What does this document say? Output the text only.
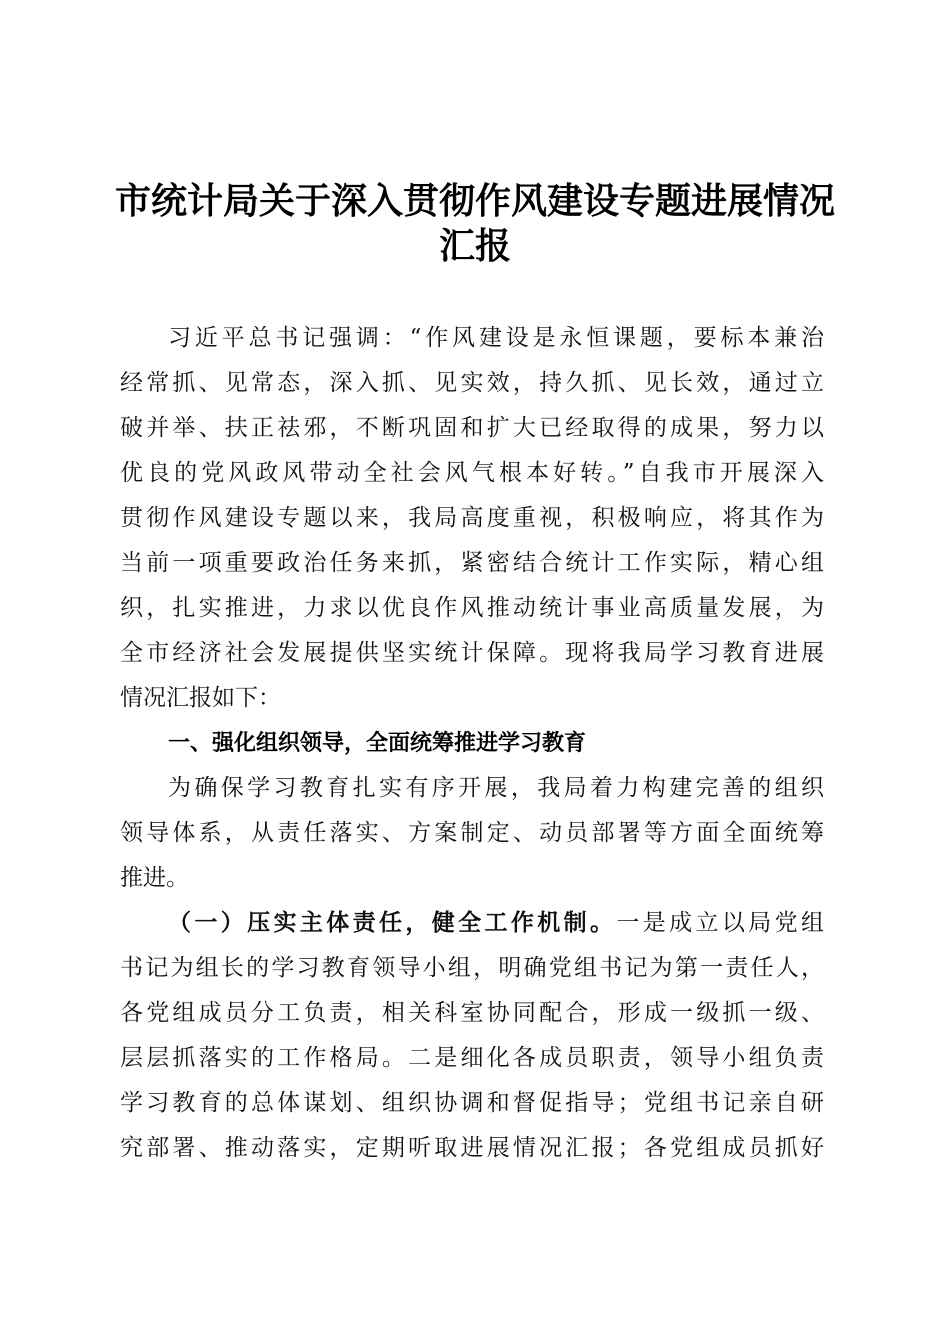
市统计局关于深入贯彻作风建设专题进展情况
汇报
习近平总书记强调：“作风建设是永恒课题，要标本兼治
经常抓、见常态，深入抓、见实效，持久抓、见长效，通过立
破并举、扶正祛邪，不断巩固和扩大已经取得的成果，努力以
优良的党风政风带动全社会风气根本好转。”自我市开展深入
贯彻作风建设专题以来，我局高度重视，积极响应，将其作为
当前一项重要政治任务来抓，紧密结合统计工作实际，精心组
织，扎实推进，力求以优良作风推动统计事业高质量发展，为
全市经济社会发展提供坚实统计保障。现将我局学习教育进展
情况汇报如下：
一、强化组织领导，全面统筹推进学习教育
为确保学习教育扎实有序开展，我局着力构建完善的组织
领导体系，从责任落实、方案制定、动员部署等方面全面统筹
推进。
（一）压实主体责任，健全工作机制。一是成立以局党组
书记为组长的学习教育领导小组，明确党组书记为第一责任人，
各党组成员分工负责，相关科室协同配合，形成一级抓一级、
层层抓落实的工作格局。二是细化各成员职责，领导小组负责
学习教育的总体谋划、组织协调和督促指导；党组书记亲自研
究部署、推动落实，定期听取进展情况汇报；各党组成员抓好
